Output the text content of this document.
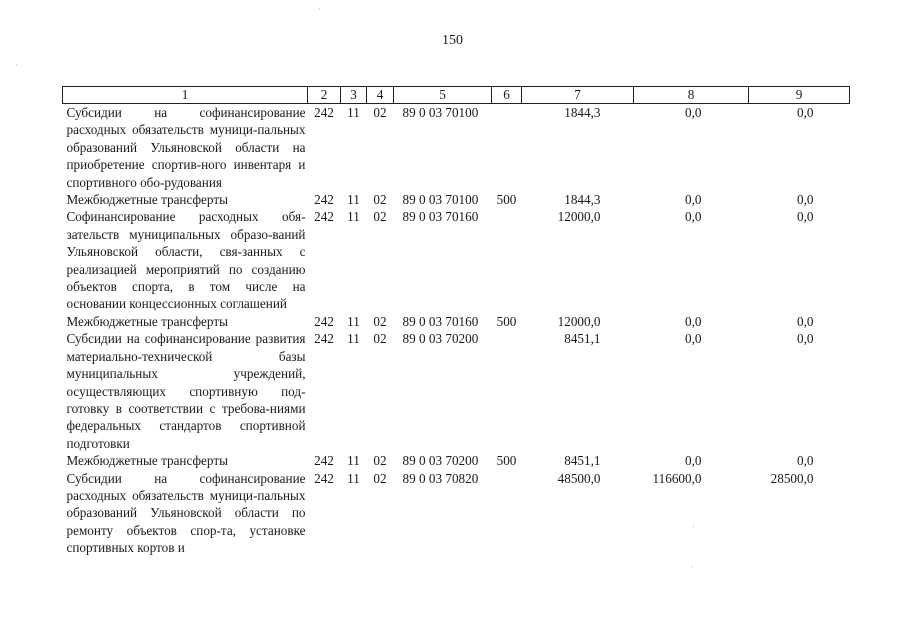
150
1	2	3	4	5	6	7	8	9
Субсидии на софинансирование расходных обязательств муници-пальных образований Ульяновской области на приобретение спортив-ного инвентаря и спортивного обо-рудования	242	11	02	89 0 03 70100		1844,3	0,0	0,0
Межбюджетные трансферты	242	11	02	89 0 03 70100	500	1844,3	0,0	0,0
Софинансирование расходных обя-зательств муниципальных образо-ваний Ульяновской области, свя-занных с реализацией мероприятий по созданию объектов спорта, в том числе на основании концессионных соглашений	242	11	02	89 0 03 70160		12000,0	0,0	0,0
Межбюджетные трансферты	242	11	02	89 0 03 70160	500	12000,0	0,0	0,0
Субсидии на софинансирование развития материально-технической базы муниципальных учреждений, осуществляющих спортивную под-готовку в соответствии с требова-ниями федеральных стандартов спортивной подготовки	242	11	02	89 0 03 70200		8451,1	0,0	0,0
Межбюджетные трансферты	242	11	02	89 0 03 70200	500	8451,1	0,0	0,0
Субсидии на софинансирование расходных обязательств муници-пальных образований Ульяновской области по ремонту объектов спор-та, установке спортивных кортов и	242	11	02	89 0 03 70820		48500,0	116600,0	28500,0
·
·
·
·
